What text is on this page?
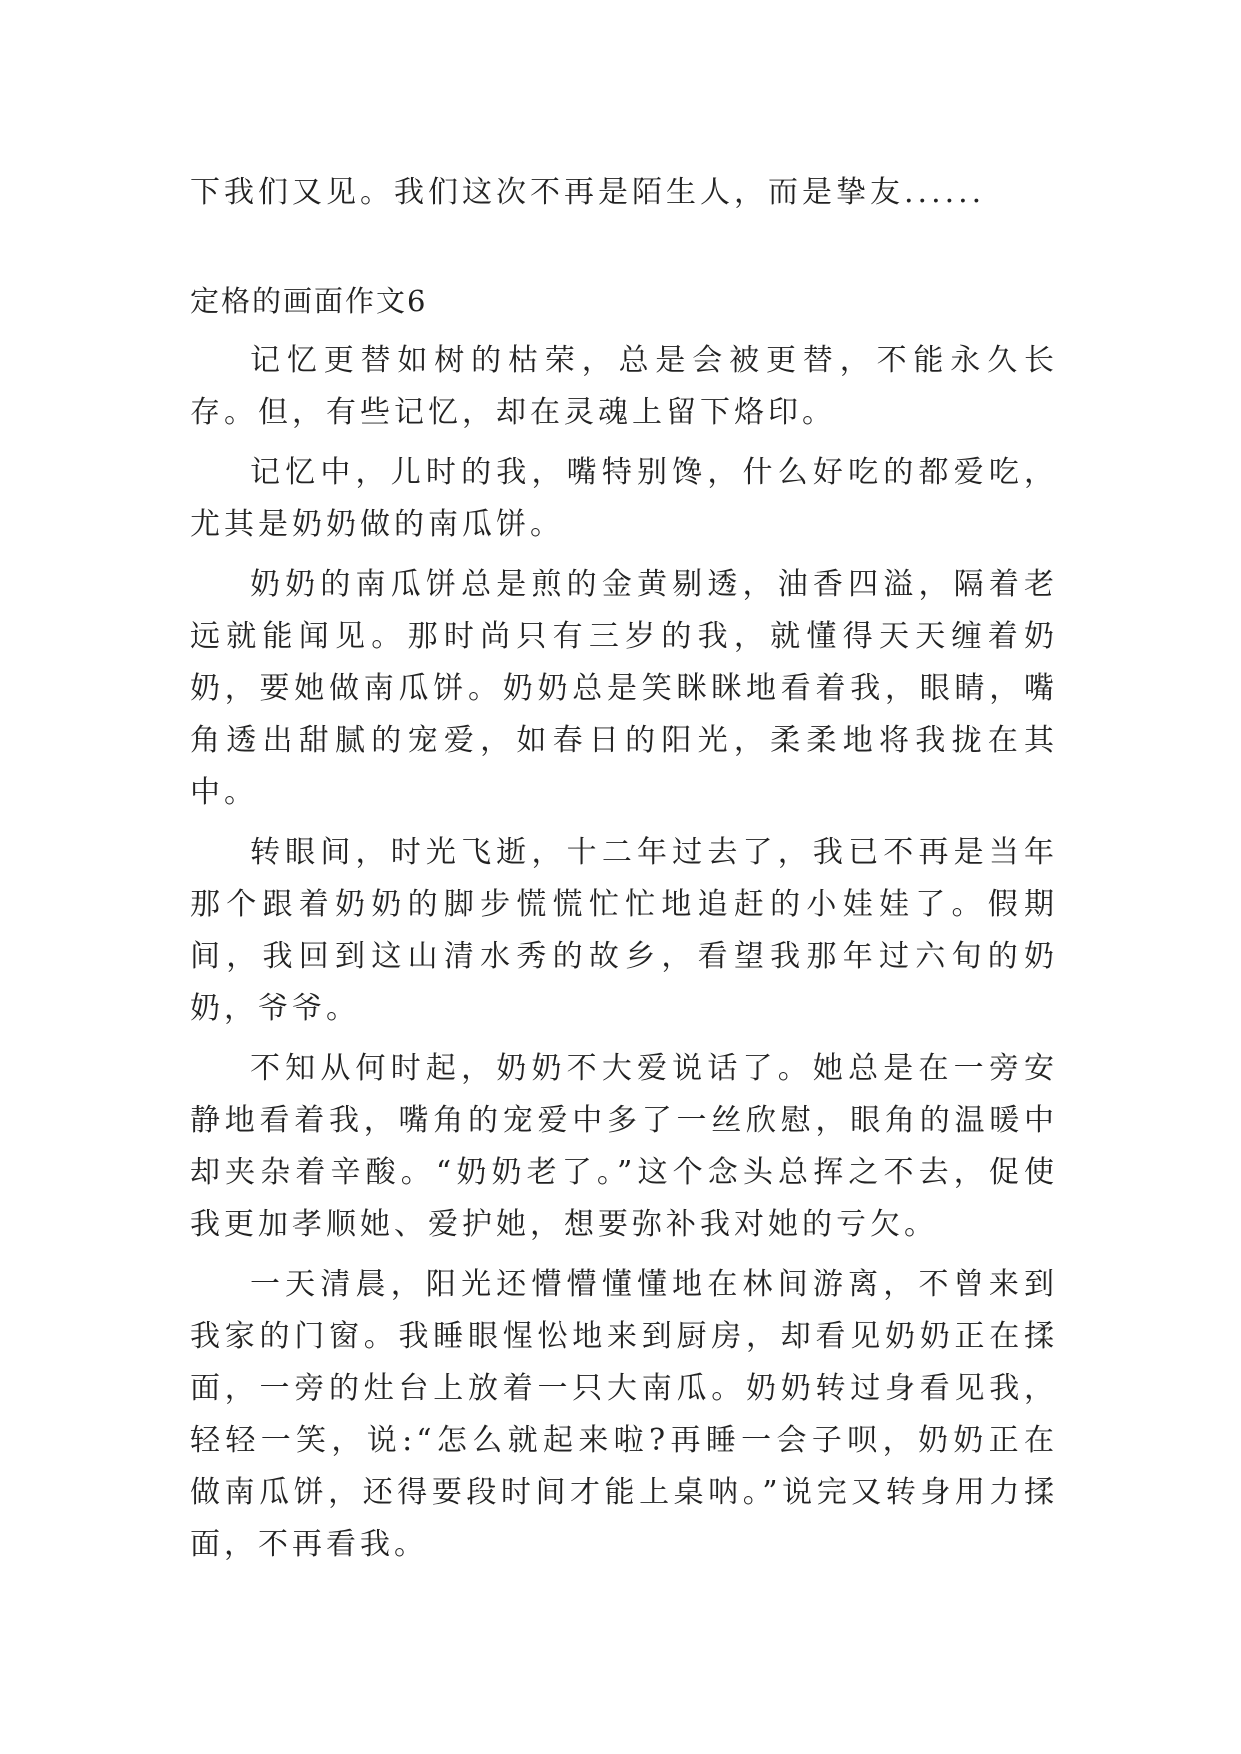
下我们又见。我们这次不再是陌生人，而是挚友......

定格的画面作文6

记忆更替如树的枯荣，总是会被更替，不能永久长存。但，有些记忆，却在灵魂上留下烙印。

记忆中，儿时的我，嘴特别馋，什么好吃的都爱吃，尤其是奶奶做的南瓜饼。

奶奶的南瓜饼总是煎的金黄剔透，油香四溢，隔着老远就能闻见。那时尚只有三岁的我，就懂得天天缠着奶奶，要她做南瓜饼。奶奶总是笑眯眯地看着我，眼睛，嘴角透出甜腻的宠爱，如春日的阳光，柔柔地将我拢在其中。

转眼间，时光飞逝，十二年过去了，我已不再是当年那个跟着奶奶的脚步慌慌忙忙地追赶的小娃娃了。假期间，我回到这山清水秀的故乡，看望我那年过六旬的奶奶，爷爷。

不知从何时起，奶奶不大爱说话了。她总是在一旁安静地看着我，嘴角的宠爱中多了一丝欣慰，眼角的温暖中却夹杂着辛酸。“奶奶老了。”这个念头总挥之不去，促使我更加孝顺她、爱护她，想要弥补我对她的亏欠。

一天清晨，阳光还懵懵懂懂地在林间游离，不曾来到我家的门窗。我睡眼惺忪地来到厨房，却看见奶奶正在揉面，一旁的灶台上放着一只大南瓜。奶奶转过身看见我，轻轻一笑，说:“怎么就起来啦?再睡一会子呗，奶奶正在做南瓜饼，还得要段时间才能上桌呐。”说完又转身用力揉面，不再看我。
